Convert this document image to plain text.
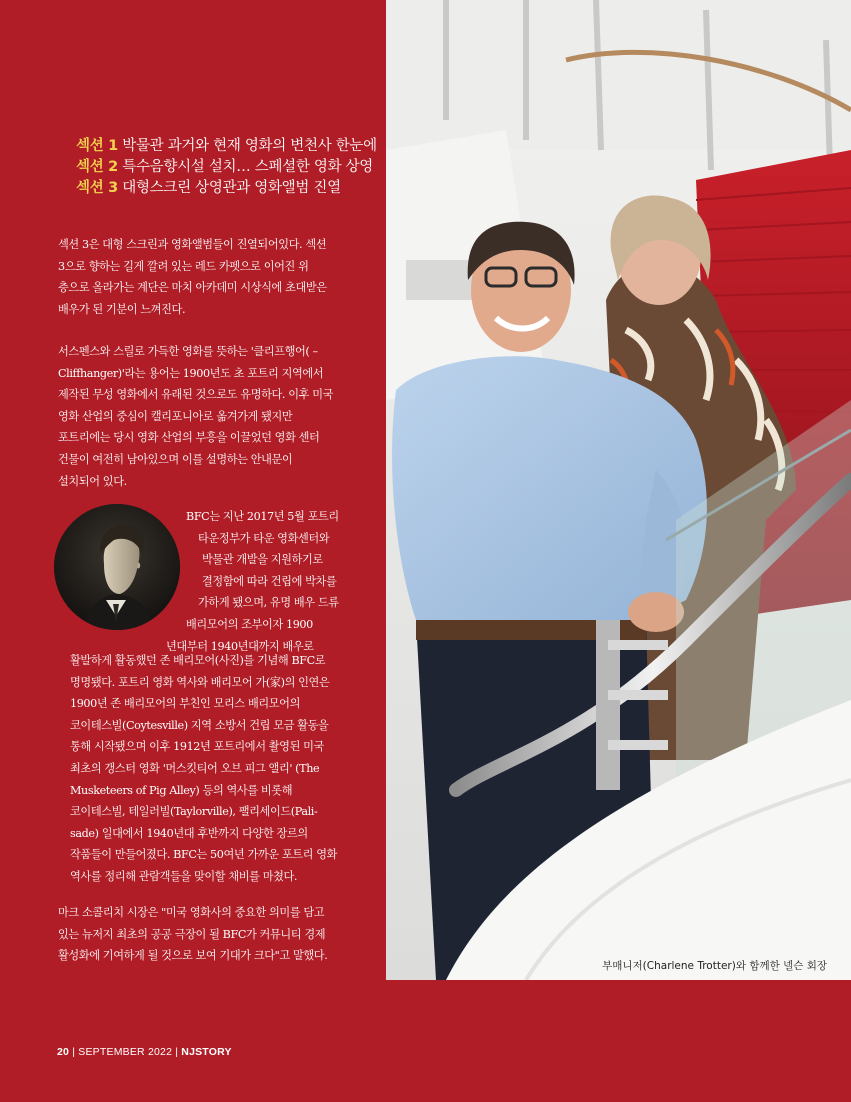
섹션 1 박물관 과거와 현재 영화의 변천사 한눈에
섹션 2 특수음향시설 설치… 스페셜한 영화 상영
섹션 3 대형스크린 상영관과 영화앨범 진열
섹션 3은 대형 스크린과 영화앨범들이 진열되어있다. 섹션
3으로 향하는 길게 깔려 있는 레드 카펫으로 이어진 위
층으로 올라가는 계단은 마치 아카데미 시상식에 초대받은
배우가 된 기분이 느껴진다.
서스펜스와 스릴로 가득한 영화를 뜻하는 '클리프행어( –
Cliffhanger)'라는 용어는 1900년도 초 포트리 지역에서
제작된 무성 영화에서 유래된 것으로도 유명하다. 이후 미국
영화 산업의 중심이 캘리포니아로 옮겨가게 됐지만
포트리에는 당시 영화 산업의 부흥을 이끌었던 영화 센터
건물이 여전히 남아있으며 이를 설명하는 안내문이
설치되어 있다.
BFC는 지난 2017년 5월 포트리
타운정부가 타운 영화센터와
박물관 개발을 지원하기로
결정함에 따라 건립에 박차를
가하게 됐으며, 유명 배우 드류
배리모어의 조부이자 1900
년대부터 1940년대까지 배우로
활발하게 활동했던 존 배리모어(사진)를 기념해 BFC로
명명됐다. 포트리 영화 역사와 배리모어 가(家)의 인연은
1900년 존 배리모어의 부친인 모리스 배리모어의
코이테스빌(Coytesville) 지역 소방서 건립 모금 활동을
통해 시작됐으며 이후 1912년 포트리에서 촬영된 미국
최초의 갱스터 영화 '머스킷티어 오브 피그 앨리' (The
Musketeers of Pig Alley) 등의 역사를 비롯해
코이테스빌, 테일러빌(Taylorville), 팰리세이드(Pali-
sade) 일대에서 1940년대 후반까지 다양한 장르의
작품들이 만들어졌다. BFC는 50여년 가까운 포트리 영화
역사를 정리해 관람객들을 맞이할 채비를 마쳤다.
마크 소콜리치 시장은 "미국 영화사의 중요한 의미를 담고
있는 뉴저지 최초의 공공 극장이 될 BFC가 커뮤니티 경제
활성화에 기여하게 될 것으로 보여 기대가 크다"고 말했다.
부매니저(Charlene Trotter)와 함께한 넬슨 회장
20 | SEPTEMBER 2022 | NJSTORY
